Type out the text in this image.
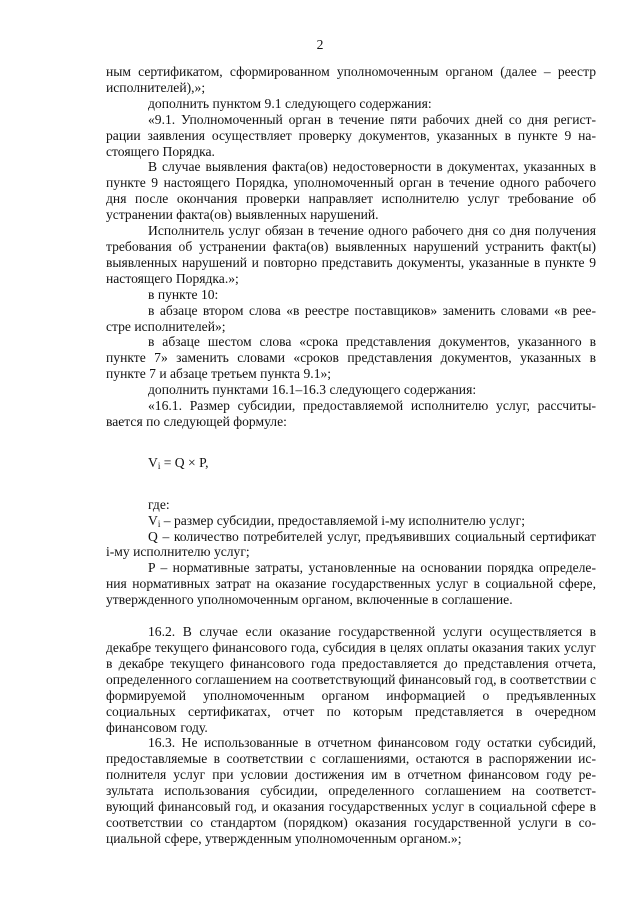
2

ным сертификатом, сформированном уполномоченным органом (далее – реестр исполнителей),»;

дополнить пунктом 9.1 следующего содержания:

«9.1. Уполномоченный орган в течение пяти рабочих дней со дня регистрации заявления осуществляет проверку документов, указанных в пункте 9 настоящего Порядка.

В случае выявления факта(ов) недостоверности в документах, указанных в пункте 9 настоящего Порядка, уполномоченный орган в течение одного рабочего дня после окончания проверки направляет исполнителю услуг требование об устранении факта(ов) выявленных нарушений.

Исполнитель услуг обязан в течение одного рабочего дня со дня получения требования об устранении факта(ов) выявленных нарушений устранить факт(ы) выявленных нарушений и повторно представить документы, указанные в пункте 9 настоящего Порядка.»;

в пункте 10:

в абзаце втором слова «в реестре поставщиков» заменить словами «в реестре исполнителей»;

в абзаце шестом слова «срока представления документов, указанного в пункте 7» заменить словами «сроков представления документов, указанных в пункте 7 и абзаце третьем пункта 9.1»;

дополнить пунктами 16.1–16.3 следующего содержания:

«16.1. Размер субсидии, предоставляемой исполнителю услуг, рассчитывается по следующей формуле:

$V_i = Q \times P$,

где:

$V_i$ – размер субсидии, предоставляемой i-му исполнителю услуг;

Q – количество потребителей услуг, предъявивших социальный сертификат i-му исполнителю услуг;

P – нормативные затраты, установленные на основании порядка определения нормативных затрат на оказание государственных услуг в социальной сфере, утвержденного уполномоченным органом, включенные в соглашение.

16.2. В случае если оказание государственной услуги осуществляется в декабре текущего финансового года, субсидия в целях оплаты оказания таких услуг в декабре текущего финансового года предоставляется до представления отчета, определенного соглашением на соответствующий финансовый год, в соответствии с формируемой уполномоченным органом информацией о предъявленных социальных сертификатах, отчет по которым представляется в очередном финансовом году.

16.3. Не использованные в отчетном финансовом году остатки субсидий, предоставляемые в соответствии с соглашениями, остаются в распоряжении исполнителя услуг при условии достижения им в отчетном финансовом году результата использования субсидии, определенного соглашением на соответствующий финансовый год, и оказания государственных услуг в социальной сфере в соответствии со стандартом (порядком) оказания государственной услуги в социальной сфере, утвержденным уполномоченным органом.»;
